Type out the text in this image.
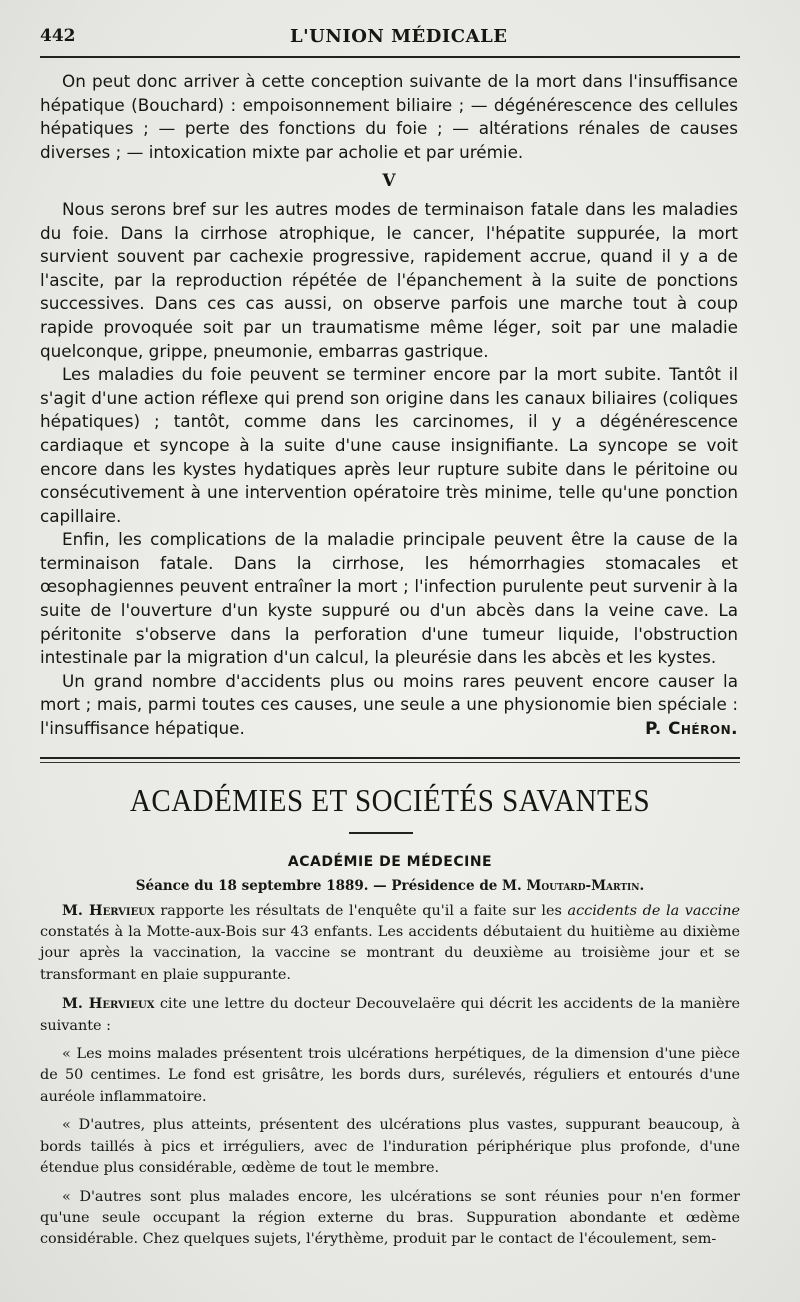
442	L'UNION MÉDICALE

On peut donc arriver à cette conception suivante de la mort dans l'insuffisance hépatique (Bouchard) : empoisonnement biliaire ; — dégénérescence des cellules hépatiques ; — perte des fonctions du foie ; — altérations rénales de causes diverses ; — intoxication mixte par acholie et par urémie.

V

Nous serons bref sur les autres modes de terminaison fatale dans les maladies du foie. Dans la cirrhose atrophique, le cancer, l'hépatite suppurée, la mort survient souvent par cachexie progressive, rapidement accrue, quand il y a de l'ascite, par la reproduction répétée de l'épanchement à la suite de ponctions successives. Dans ces cas aussi, on observe parfois une marche tout à coup rapide provoquée soit par un traumatisme même léger, soit par une maladie quelconque, grippe, pneumonie, embarras gastrique.

Les maladies du foie peuvent se terminer encore par la mort subite. Tantôt il s'agit d'une action réflexe qui prend son origine dans les canaux biliaires (coliques hépatiques) ; tantôt, comme dans les carcinomes, il y a dégénérescence cardiaque et syncope à la suite d'une cause insignifiante. La syncope se voit encore dans les kystes hydatiques après leur rupture subite dans le péritoine ou consécutivement à une intervention opératoire très minime, telle qu'une ponction capillaire.

Enfin, les complications de la maladie principale peuvent être la cause de la terminaison fatale. Dans la cirrhose, les hémorrhagies stomacales et œsophagiennes peuvent entraîner la mort ; l'infection purulente peut survenir à la suite de l'ouverture d'un kyste suppuré ou d'un abcès dans la veine cave. La péritonite s'observe dans la perforation d'une tumeur liquide, l'obstruction intestinale par la migration d'un calcul, la pleurésie dans les abcès et les kystes.

Un grand nombre d'accidents plus ou moins rares peuvent encore causer la mort ; mais, parmi toutes ces causes, une seule a une physionomie bien spéciale : l'insuffisance hépatique.	P. Chéron.

ACADÉMIES ET SOCIÉTÉS SAVANTES
ACADÉMIE DE MÉDECINE
Séance du 18 septembre 1889. — Présidence de M. Moutard-Martin.

M. Hervieux rapporte les résultats de l'enquête qu'il a faite sur les accidents de la vaccine constatés à la Motte-aux-Bois sur 43 enfants. Les accidents débutaient du huitième au dixième jour après la vaccination, la vaccine se montrant du deuxième au troisième jour et se transformant en plaie suppurante.

M. Hervieux cite une lettre du docteur Decouvelaëre qui décrit les accidents de la manière suivante :

« Les moins malades présentent trois ulcérations herpétiques, de la dimension d'une pièce de 50 centimes. Le fond est grisâtre, les bords durs, surélevés, réguliers et entourés d'une auréole inflammatoire.

« D'autres, plus atteints, présentent des ulcérations plus vastes, suppurant beaucoup, à bords taillés à pics et irréguliers, avec de l'induration périphérique plus profonde, d'une étendue plus considérable, œdème de tout le membre.

« D'autres sont plus malades encore, les ulcérations se sont réunies pour n'en former qu'une seule occupant la région externe du bras. Suppuration abondante et œdème considérable. Chez quelques sujets, l'érythème, produit par le contact de l'écoulement, sem-
